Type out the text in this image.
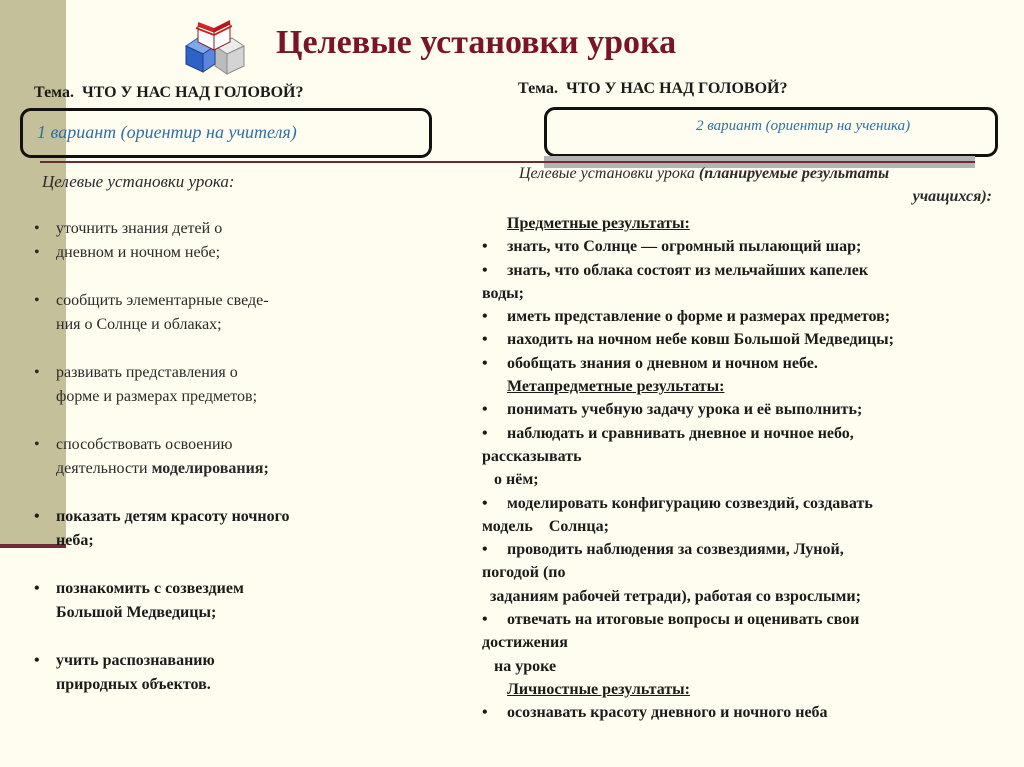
Целевые установки урока
Тема. ЧТО У НАС НАД ГОЛОВОЙ?	Тема. ЧТО У НАС НАД ГОЛОВОЙ?
1 вариант (ориентир на учителя)	2 вариант (ориентир на ученика)
Целевые установки урока:	Целевые установки урока (планируемые результаты
учащихся):
• уточнить знания детей о
• дневном и ночном небе;
• сообщить элементарные сведе-
ния о Солнце и облаках;
• развивать представления о
форме и размерах предметов;
• способствовать освоению
деятельности моделирования;
• показать детям красоту ночного
неба;
• познакомить с созвездием
Большой Медведицы;
• учить распознаванию
природных объектов.
Предметные результаты:
• знать, что Солнце — огромный пылающий шар;
• знать, что облака состоят из мельчайших капелек
воды;
• иметь представление о форме и размерах предметов;
• находить на ночном небе ковш Большой Медведицы;
• обобщать знания о дневном и ночном небе.
Метапредметные результаты:
• понимать учебную задачу урока и её выполнить;
• наблюдать и сравнивать дневное и ночное небо,
рассказывать
о нём;
• моделировать конфигурацию созвездий, создавать
модель    Солнца;
• проводить наблюдения за созвездиями, Луной,
погодой (по
заданиям рабочей тетради), работая со взрослыми;
• отвечать на итоговые вопросы и оценивать свои
достижения
на уроке
Личностные результаты:
• осознавать красоту дневного и ночного неба
